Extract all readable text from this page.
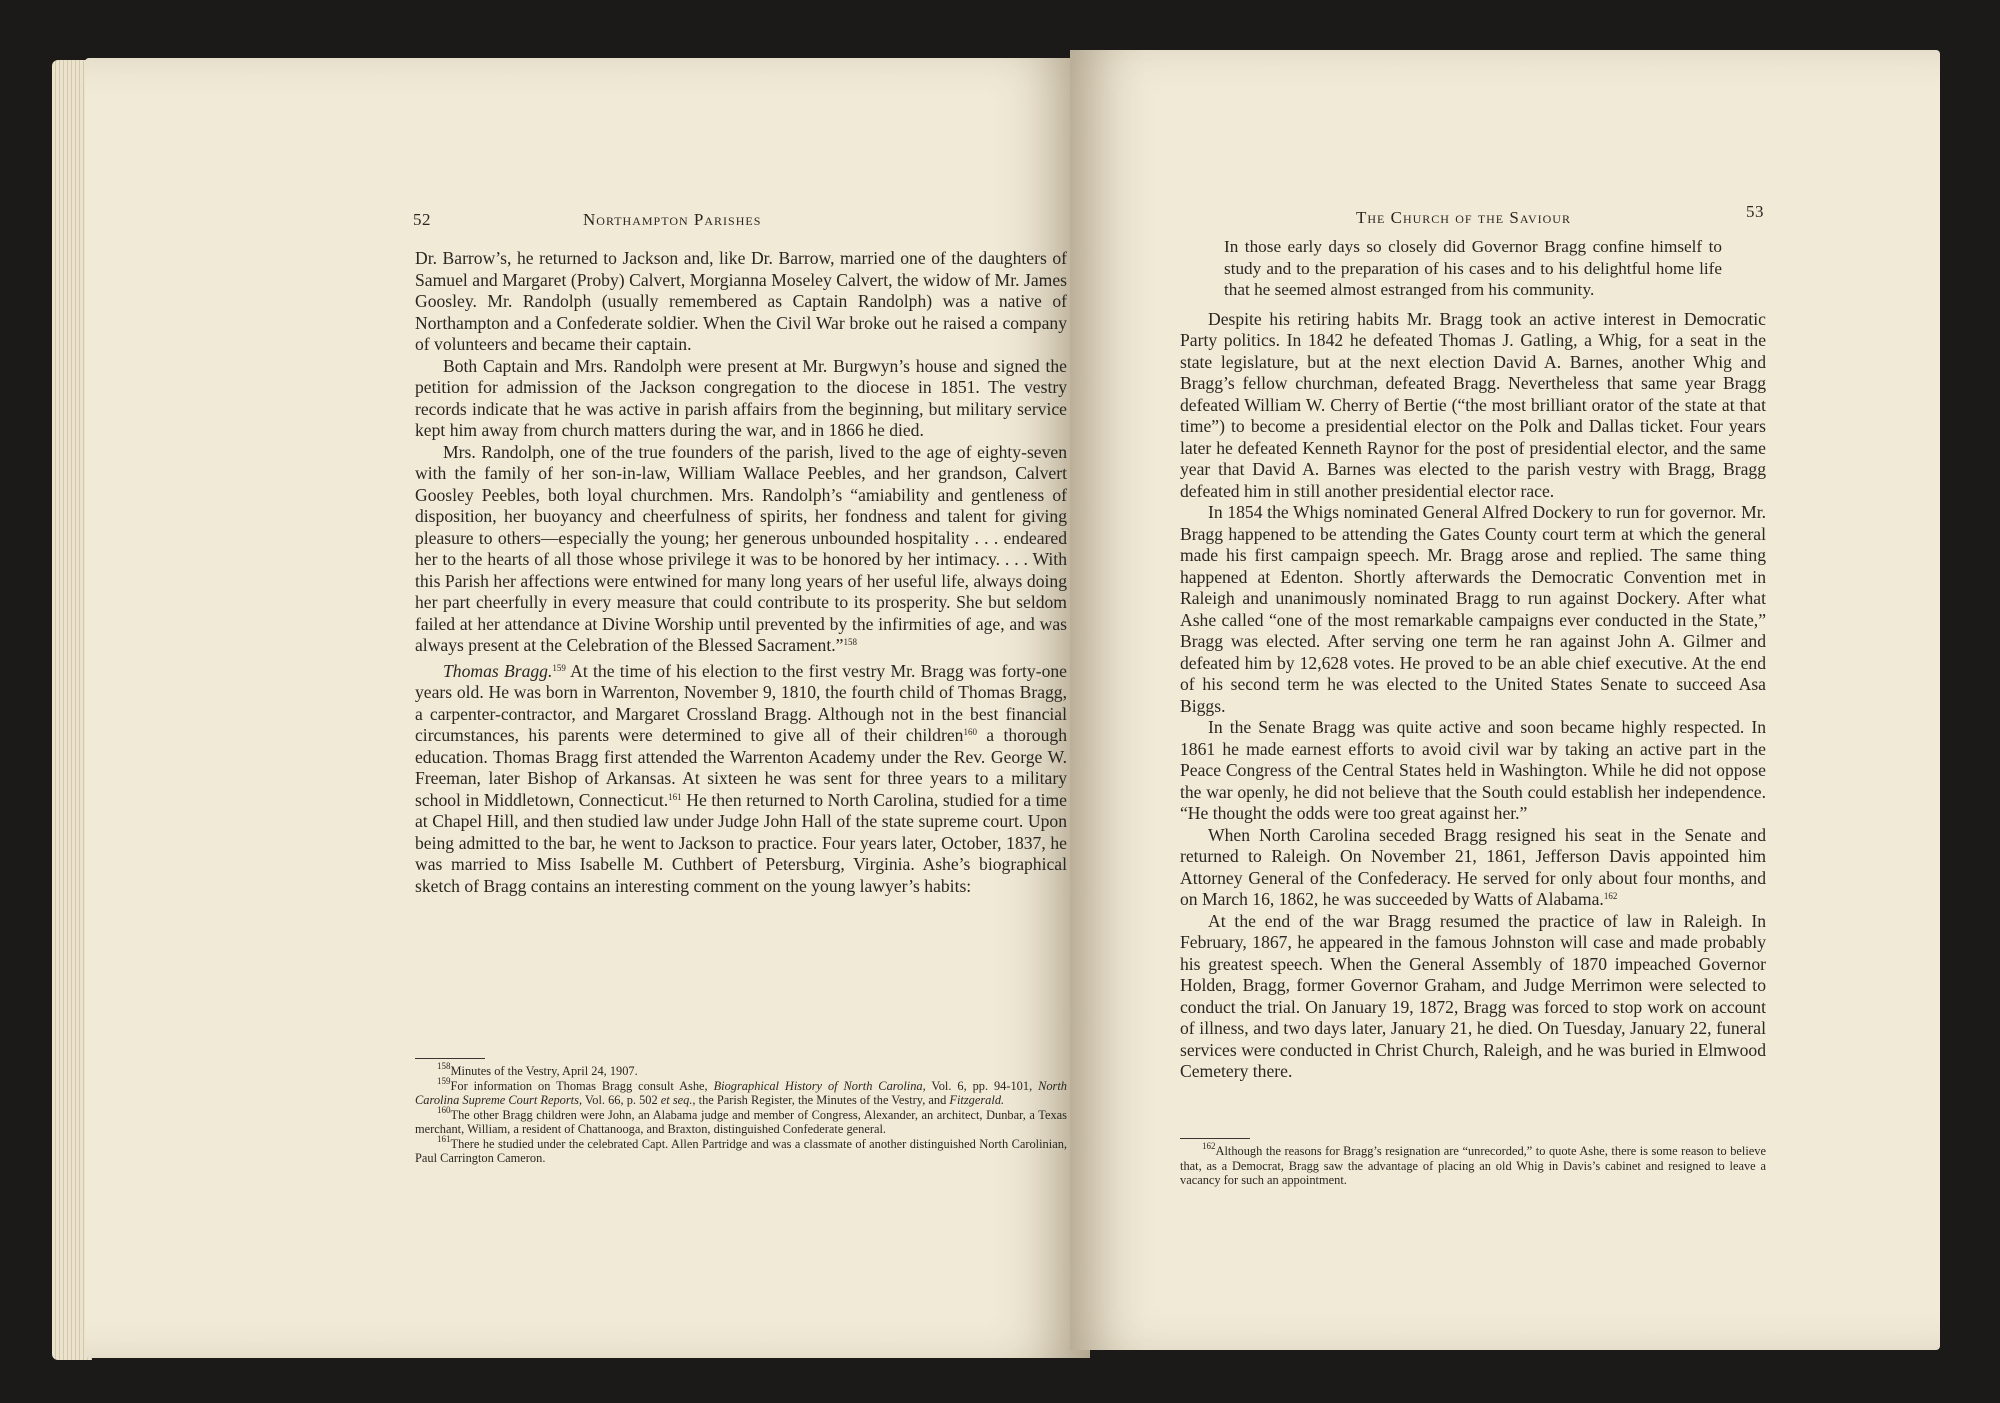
52	Northampton Parishes

Dr. Barrow’s, he returned to Jackson and, like Dr. Barrow, married one of the daughters of Samuel and Margaret (Proby) Calvert, Morgianna Moseley Calvert, the widow of Mr. James Goosley. Mr. Randolph (usually remembered as Captain Randolph) was a native of Northampton and a Confederate soldier. When the Civil War broke out he raised a company of volunteers and became their captain.

Both Captain and Mrs. Randolph were present at Mr. Burgwyn’s house and signed the petition for admission of the Jackson congregation to the diocese in 1851. The vestry records indicate that he was active in parish affairs from the beginning, but military service kept him away from church matters during the war, and in 1866 he died.

Mrs. Randolph, one of the true founders of the parish, lived to the age of eighty-seven with the family of her son-in-law, William Wallace Peebles, and her grandson, Calvert Goosley Peebles, both loyal churchmen. Mrs. Randolph’s “amiability and gentleness of disposition, her buoyancy and cheerfulness of spirits, her fondness and talent for giving pleasure to others—especially the young; her generous unbounded hospitality . . . endeared her to the hearts of all those whose privilege it was to be honored by her intimacy. . . . With this Parish her affections were entwined for many long years of her useful life, always doing her part cheerfully in every measure that could contribute to its prosperity. She but seldom failed at her attendance at Divine Worship until prevented by the infirmities of age, and was always present at the Celebration of the Blessed Sacrament.”$^{158}$

Thomas Bragg.$^{159}$ At the time of his election to the first vestry Mr. Bragg was forty-one years old. He was born in Warrenton, November 9, 1810, the fourth child of Thomas Bragg, a carpenter-contractor, and Margaret Crossland Bragg. Although not in the best financial circumstances, his parents were determined to give all of their children$^{160}$ a thorough education. Thomas Bragg first attended the Warrenton Academy under the Rev. George W. Freeman, later Bishop of Arkansas. At sixteen he was sent for three years to a military school in Middletown, Connecticut.$^{161}$ He then returned to North Carolina, studied for a time at Chapel Hill, and then studied law under Judge John Hall of the state supreme court. Upon being admitted to the bar, he went to Jackson to practice. Four years later, October, 1837, he was married to Miss Isabelle M. Cuthbert of Petersburg, Virginia. Ashe’s biographical sketch of Bragg contains an interesting comment on the young lawyer’s habits:

$^{158}$Minutes of the Vestry, April 24, 1907.

$^{159}$For information on Thomas Bragg consult Ashe, Biographical History of North Carolina, Vol. 6, pp. 94-101, North Carolina Supreme Court Reports, Vol. 66, p. 502 et seq., the Parish Register, the Minutes of the Vestry, and Fitzgerald.

$^{160}$The other Bragg children were John, an Alabama judge and member of Congress, Alexander, an architect, Dunbar, a Texas merchant, William, a resident of Chattanooga, and Braxton, distinguished Confederate general.

$^{161}$There he studied under the celebrated Capt. Allen Partridge and was a classmate of another distinguished North Carolinian, Paul Carrington Cameron.

The Church of the Saviour	53

In those early days so closely did Governor Bragg confine himself to study and to the preparation of his cases and to his delightful home life that he seemed almost estranged from his community.

Despite his retiring habits Mr. Bragg took an active interest in Democratic Party politics. In 1842 he defeated Thomas J. Gatling, a Whig, for a seat in the state legislature, but at the next election David A. Barnes, another Whig and Bragg’s fellow churchman, defeated Bragg. Nevertheless that same year Bragg defeated William W. Cherry of Bertie (“the most brilliant orator of the state at that time”) to become a presidential elector on the Polk and Dallas ticket. Four years later he defeated Kenneth Raynor for the post of presidential elector, and the same year that David A. Barnes was elected to the parish vestry with Bragg, Bragg defeated him in still another presidential elector race.

In 1854 the Whigs nominated General Alfred Dockery to run for governor. Mr. Bragg happened to be attending the Gates County court term at which the general made his first campaign speech. Mr. Bragg arose and replied. The same thing happened at Edenton. Shortly afterwards the Democratic Convention met in Raleigh and unanimously nominated Bragg to run against Dockery. After what Ashe called “one of the most remarkable campaigns ever conducted in the State,” Bragg was elected. After serving one term he ran against John A. Gilmer and defeated him by 12,628 votes. He proved to be an able chief executive. At the end of his second term he was elected to the United States Senate to succeed Asa Biggs.

In the Senate Bragg was quite active and soon became highly respected. In 1861 he made earnest efforts to avoid civil war by taking an active part in the Peace Congress of the Central States held in Washington. While he did not oppose the war openly, he did not believe that the South could establish her independence. “He thought the odds were too great against her.”

When North Carolina seceded Bragg resigned his seat in the Senate and returned to Raleigh. On November 21, 1861, Jefferson Davis appointed him Attorney General of the Confederacy. He served for only about four months, and on March 16, 1862, he was succeeded by Watts of Alabama.$^{162}$

At the end of the war Bragg resumed the practice of law in Raleigh. In February, 1867, he appeared in the famous Johnston will case and made probably his greatest speech. When the General Assembly of 1870 impeached Governor Holden, Bragg, former Governor Graham, and Judge Merrimon were selected to conduct the trial. On January 19, 1872, Bragg was forced to stop work on account of illness, and two days later, January 21, he died. On Tuesday, January 22, funeral services were conducted in Christ Church, Raleigh, and he was buried in Elmwood Cemetery there.

$^{162}$Although the reasons for Bragg’s resignation are “unrecorded,” to quote Ashe, there is some reason to believe that, as a Democrat, Bragg saw the advantage of placing an old Whig in Davis’s cabinet and resigned to leave a vacancy for such an appointment.
